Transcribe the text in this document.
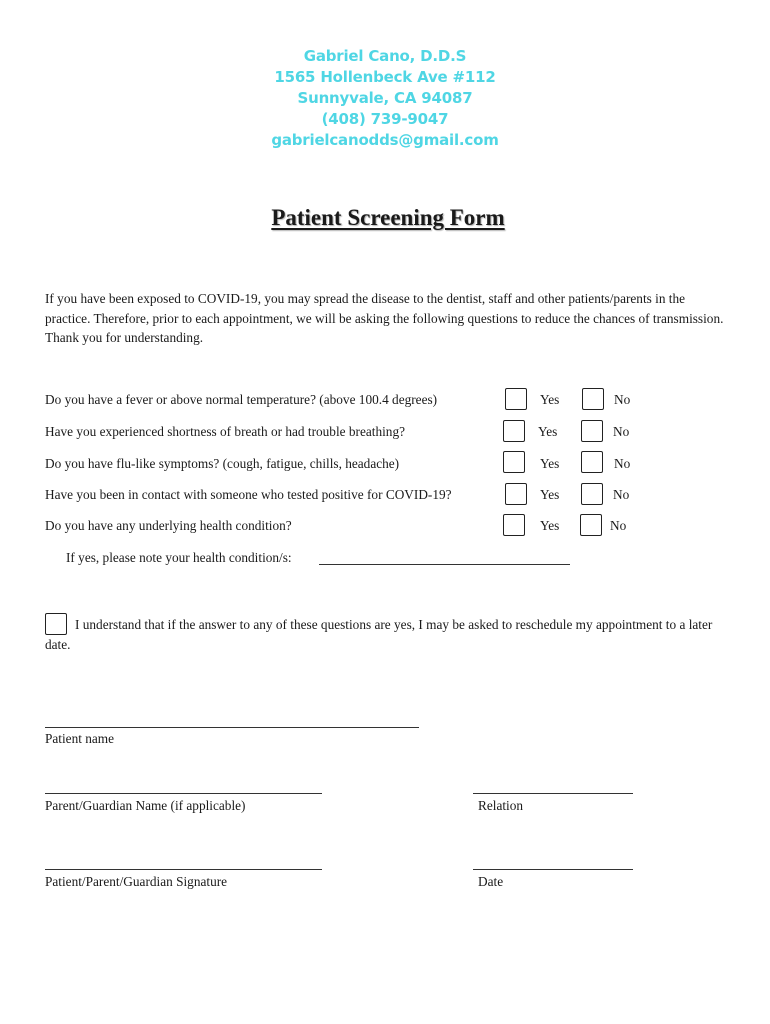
Gabriel Cano, D.D.S
1565 Hollenbeck Ave #112
Sunnyvale, CA 94087
(408) 739-9047
gabrielcanodds@gmail.com
Patient Screening Form
If you have been exposed to COVID-19, you may spread the disease to the dentist, staff and other patients/parents in the practice. Therefore, prior to each appointment, we will be asking the following questions to reduce the chances of transmission. Thank you for understanding.
Do you have a fever or above normal temperature? (above 100.4 degrees)	Yes	No
Have you experienced shortness of breath or had trouble breathing?	Yes	No
Do you have flu-like symptoms? (cough, fatigue, chills, headache)	Yes	No
Have you been in contact with someone who tested positive for COVID-19?	Yes	No
Do you have any underlying health condition?	Yes	No
If yes, please note your health condition/s:
I understand that if the answer to any of these questions are yes, I may be asked to reschedule my appointment to a later date.
Patient name
Parent/Guardian Name (if applicable)	Relation
Patient/Parent/Guardian Signature	Date
